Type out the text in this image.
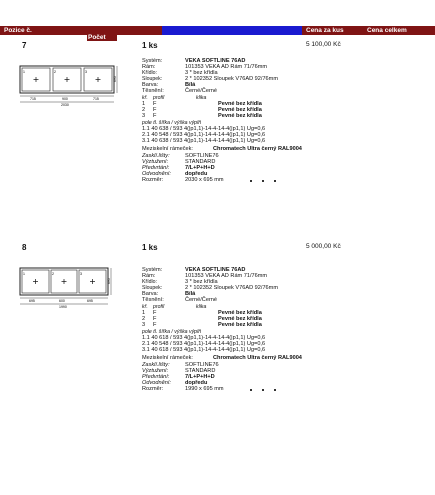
Pozice č.	Cena za kus	Cena celkem
Počet
7	1 ks	5 100,00 Kč
1	2	3
695
715	900	715
2030
Systém:	VEKA SOFTLINE 76AD
Rám:	101353 VEKA AD Rám 71/76mm
Křídlo:	3 * bez křídla
Sloupek:	2 * 102352 Sloupek V76AD 92/76mm
Barva:	Bílá
Těsnění:	Černé/Černé
kř. profil	klika
1 F	Pevné bez křídla
2 F	Pevné bez křídla
3 F	Pevné bez křídla
pole tl. šířka / výška výplň
1.1 40 638 / 593 4(|p1,1)-14-4-14-4(|p1,1) Ug=0,6
2.1 40 548 / 593 4(|p1,1)-14-4-14-4(|p1,1) Ug=0,6
3.1 40 638 / 593 4(|p1,1)-14-4-14-4(|p1,1) Ug=0,6
Meziskelní rámeček:	Chromatech Ultra černý RAL9004
Zasklí.lišty:	SOFTLINE76
Výztužení:	STANDARD
Předvrtání:	7/L+P+H+D
Odvodnění:	dopředu
Rozměr:	2030 x 695 mm
8	1 ks	5 000,00 Kč
1	2	3
695
695	600	695
1990
Systém:	VEKA SOFTLINE 76AD
Rám:	101353 VEKA AD Rám 71/76mm
Křídlo:	3 * bez křídla
Sloupek:	2 * 102352 Sloupek V76AD 92/76mm
Barva:	Bílá
Těsnění:	Černé/Černé
kř. profil	klika
1 F	Pevné bez křídla
2 F	Pevné bez křídla
3 F	Pevné bez křídla
pole tl. šířka / výška výplň
1.1 40 618 / 593 4(|p1,1)-14-4-14-4(|p1,1) Ug=0,6
2.1 40 548 / 593 4(|p1,1)-14-4-14-4(|p1,1) Ug=0,6
3.1 40 618 / 593 4(|p1,1)-14-4-14-4(|p1,1) Ug=0,6
Meziskelní rámeček:	Chromatech Ultra černý RAL9004
Zasklí.lišty:	SOFTLINE76
Výztužení:	STANDARD
Předvrtání:	7/L+P+H+D
Odvodnění:	dopředu
Rozměr:	1990 x 695 mm
